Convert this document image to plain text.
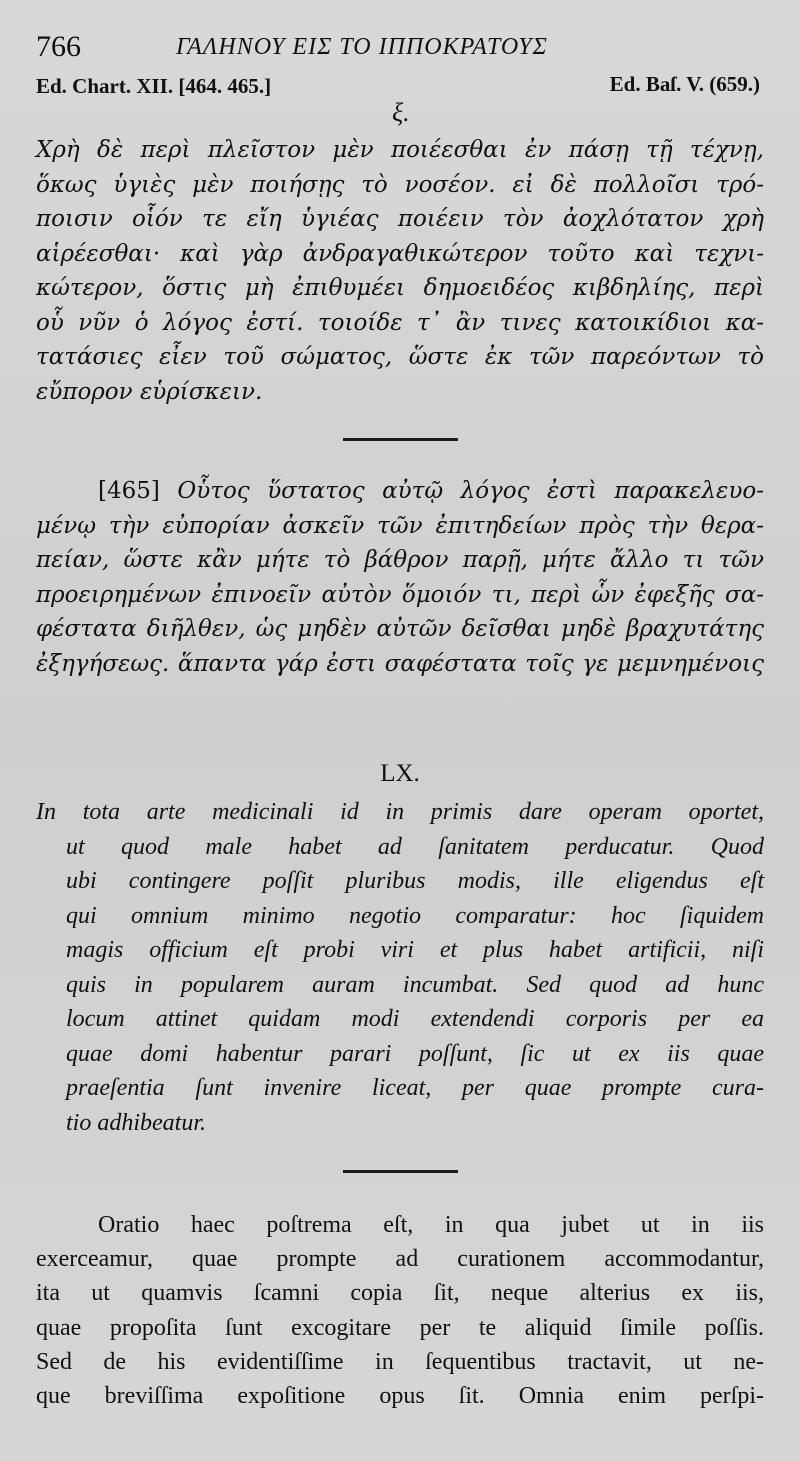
766	ΓΑΛΗΝΟΥ ΕΙΣ ΤΟ ΙΠΠΟΚΡΑΤΟΥΣ
Ed. Chart. XII. [464. 465.]	Ed. Baſ. V. (659.)
ξ.
Χρὴ δὲ περὶ πλεῖστον μὲν ποιέεσθαι ἐν πάσῃ τῇ τέχνῃ,
ὅκως ὑγιὲς μὲν ποιήσῃς τὸ νοσέον. εἰ δὲ πολλοῖσι τρό-
ποισιν οἷόν τε εἴη ὑγιέας ποιέειν τὸν ἀοχλότατον χρὴ
αἱρέεσθαι· καὶ γὰρ ἀνδραγαθικώτερον τοῦτο καὶ τεχνι-
κώτερον, ὅστις μὴ ἐπιθυμέει δημοειδέος κιβδηλίης, περὶ
οὗ νῦν ὁ λόγος ἐστί. τοιοίδε τ᾽ ἂν τινες κατοικίδιοι κα-
τατάσιες εἶεν τοῦ σώματος, ὥστε ἐκ τῶν παρεόντων τὸ
εὔπορον εὑρίσκειν.
[465] Οὗτος ὕστατος αὐτῷ λόγος ἐστὶ παρακελευο-
μένῳ τὴν εὐπορίαν ἀσκεῖν τῶν ἐπιτηδείων πρὸς τὴν θερα-
πείαν, ὥστε κἂν μήτε τὸ βάθρον παρῇ, μήτε ἄλλο τι τῶν
προειρημένων ἐπινοεῖν αὐτὸν ὅμοιόν τι, περὶ ὧν ἐφεξῆς σα-
φέστατα διῆλθεν, ὡς μηδὲν αὐτῶν δεῖσθαι μηδὲ βραχυτάτης
ἐξηγήσεως. ἅπαντα γάρ ἐστι σαφέστατα τοῖς γε μεμνημένοις
LX.
In tota arte medicinali id in primis dare operam oportet,
ut quod male habet ad ſanitatem perducatur. Quod
ubi contingere poſſit pluribus modis, ille eligendus eſt
qui omnium minimo negotio comparatur: hoc ſiquidem
magis officium eſt probi viri et plus habet artificii, niſi
quis in popularem auram incumbat. Sed quod ad hunc
locum attinet quidam modi extendendi corporis per ea
quae domi habentur parari poſſunt, ſic ut ex iis quae
praeſentia ſunt invenire liceat, per quae prompte cura-
tio adhibeatur.
Oratio haec poſtrema eſt, in qua jubet ut in iis
exerceamur, quae prompte ad curationem accommodantur,
ita ut quamvis ſcamni copia ſit, neque alterius ex iis,
quae propoſita ſunt excogitare per te aliquid ſimile poſſis.
Sed de his evidentiſſime in ſequentibus tractavit, ut ne-
que breviſſima expoſitione opus ſit. Omnia enim perſpi-
